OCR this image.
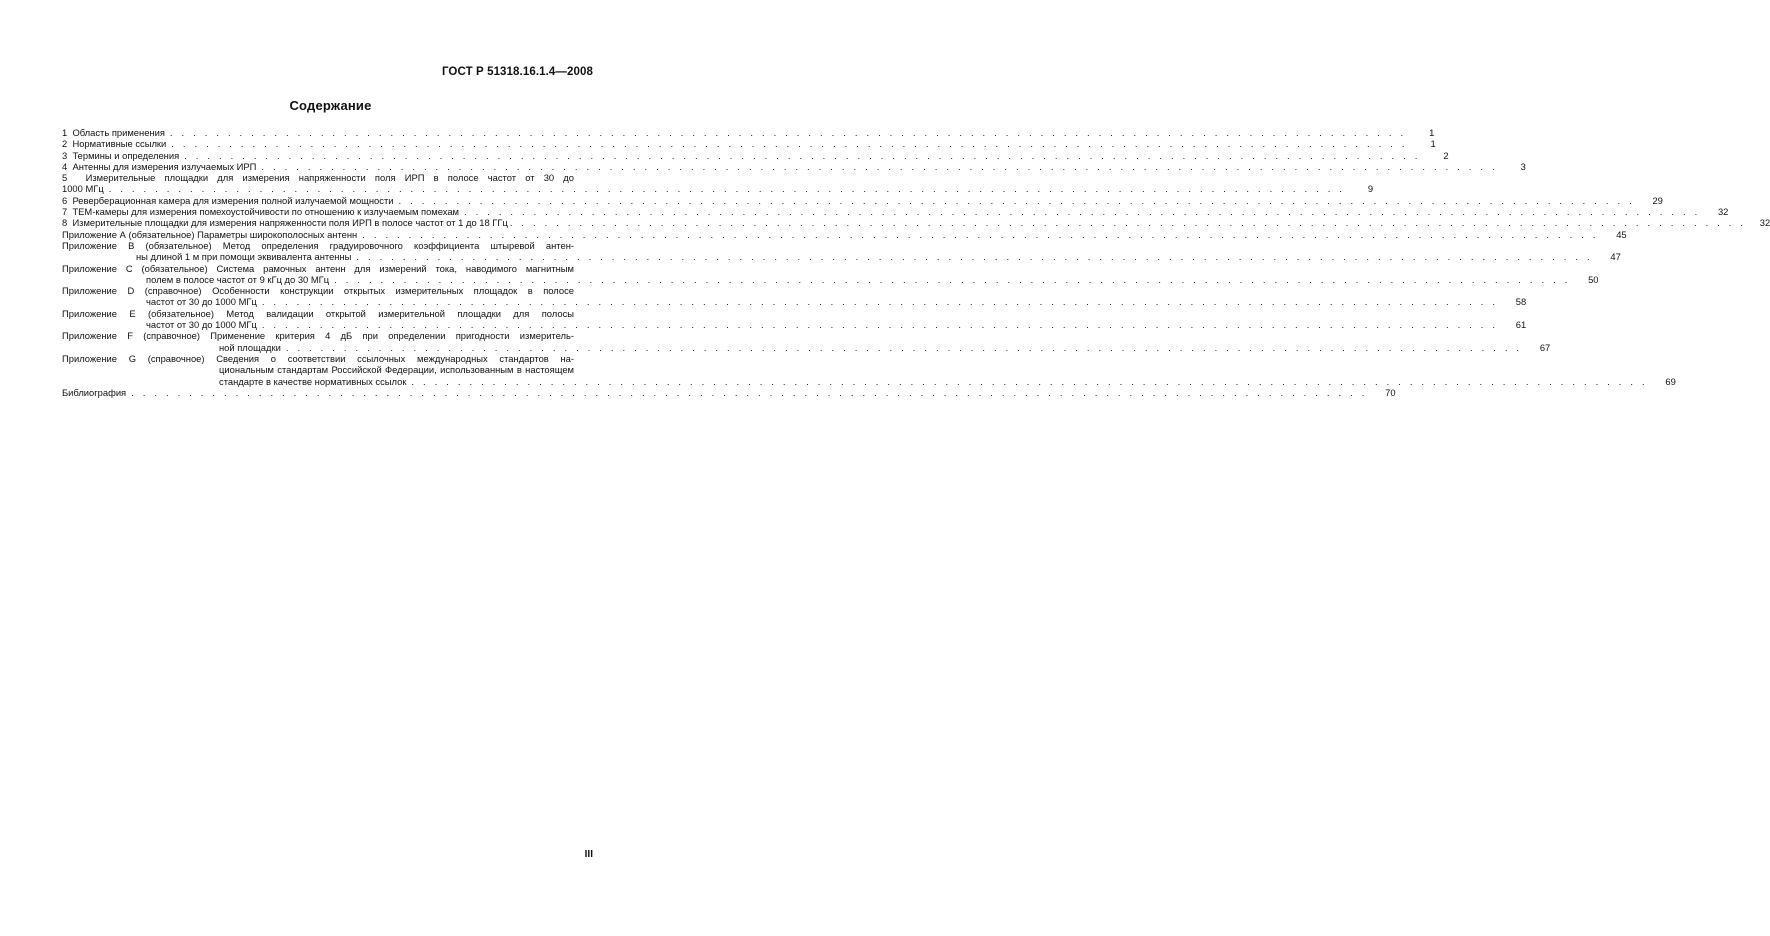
ГОСТ Р 51318.16.1.4—2008
Содержание
1 Область применения . . .	1
2 Нормативные ссылки . . .	1
3 Термины и определения . . .	2
4 Антенны для измерения излучаемых ИРП . . .	3
5 Измерительные площадки для измерения напряженности поля ИРП в полосе частот от 30 до
1000 МГц . . .	9
6 Реверберационная камера для измерения полной излучаемой мощности . . .	29
7 ТЕМ-камеры для измерения помехоустойчивости по отношению к излучаемым помехам . . .	32
8 Измерительные площадки для измерения напряженности поля ИРП в полосе частот от 1 до 18 ГГц . . .	32
Приложение А (обязательное) Параметры широкополосных антенн . . .	45
Приложение В (обязательное) Метод определения градуировочного коэффициента штыревой антен-
ны длиной 1 м при помощи эквивалента антенны . . .	47
Приложение С (обязательное) Система рамочных антенн для измерений тока, наводимого магнитным
полем в полосе частот от 9 кГц до 30 МГц . . .	50
Приложение D (справочное) Особенности конструкции открытых измерительных площадок в полосе
частот от 30 до 1000 МГц . . .	58
Приложение Е (обязательное) Метод валидации открытой измерительной площадки для полосы
частот от 30 до 1000 МГц . . .	61
Приложение F (справочное) Применение критерия 4 дБ при определении пригодности измеритель-
ной площадки . . .	67
Приложение G (справочное) Сведения о соответствии ссылочных международных стандартов на-
циональным стандартам Российской Федерации, использованным в настоящем
стандарте в качестве нормативных ссылок . . .	69
Библиография . . .	70
III
